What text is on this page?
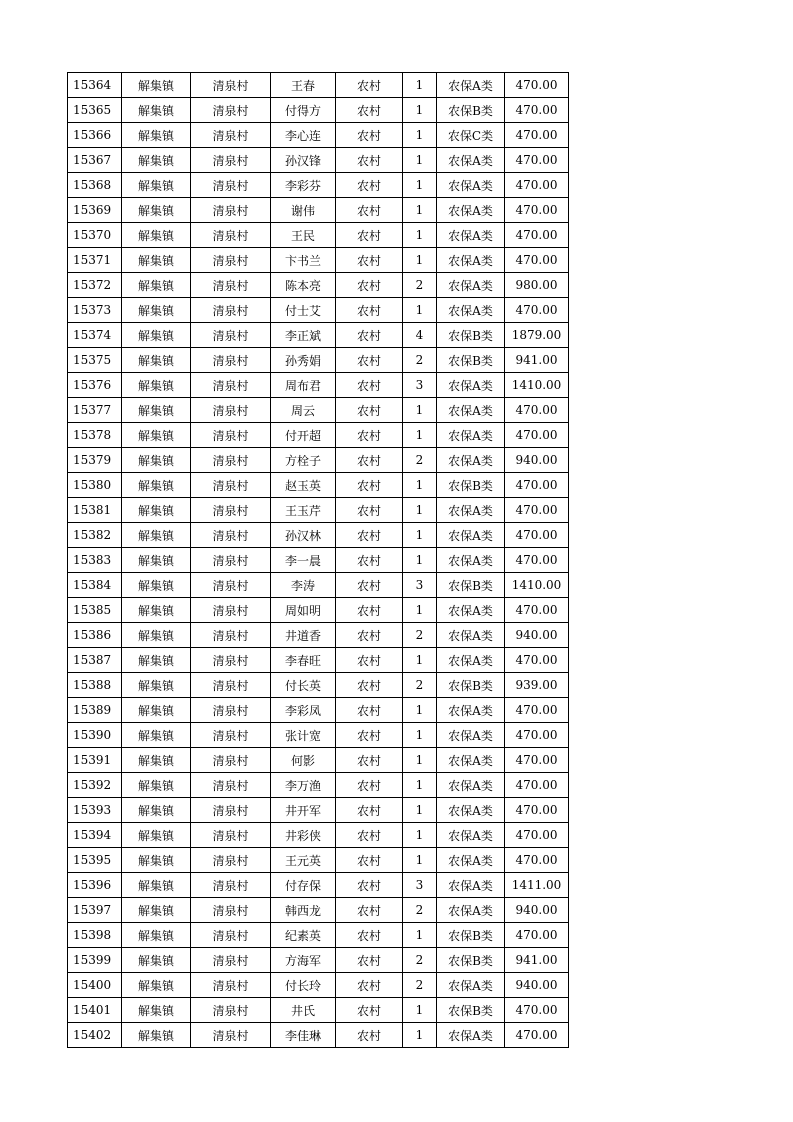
15364	解集镇	清泉村	王春	农村	1	农保A类	470.00
15365	解集镇	清泉村	付得方	农村	1	农保B类	470.00
15366	解集镇	清泉村	李心连	农村	1	农保C类	470.00
15367	解集镇	清泉村	孙汉锋	农村	1	农保A类	470.00
15368	解集镇	清泉村	李彩芬	农村	1	农保A类	470.00
15369	解集镇	清泉村	谢伟	农村	1	农保A类	470.00
15370	解集镇	清泉村	王民	农村	1	农保A类	470.00
15371	解集镇	清泉村	卞书兰	农村	1	农保A类	470.00
15372	解集镇	清泉村	陈本亮	农村	2	农保A类	980.00
15373	解集镇	清泉村	付士艾	农村	1	农保A类	470.00
15374	解集镇	清泉村	李正斌	农村	4	农保B类	1879.00
15375	解集镇	清泉村	孙秀娟	农村	2	农保B类	941.00
15376	解集镇	清泉村	周布君	农村	3	农保A类	1410.00
15377	解集镇	清泉村	周云	农村	1	农保A类	470.00
15378	解集镇	清泉村	付开超	农村	1	农保A类	470.00
15379	解集镇	清泉村	方栓子	农村	2	农保A类	940.00
15380	解集镇	清泉村	赵玉英	农村	1	农保B类	470.00
15381	解集镇	清泉村	王玉芹	农村	1	农保A类	470.00
15382	解集镇	清泉村	孙汉林	农村	1	农保A类	470.00
15383	解集镇	清泉村	李一晨	农村	1	农保A类	470.00
15384	解集镇	清泉村	李涛	农村	3	农保B类	1410.00
15385	解集镇	清泉村	周如明	农村	1	农保A类	470.00
15386	解集镇	清泉村	井道香	农村	2	农保A类	940.00
15387	解集镇	清泉村	李春旺	农村	1	农保A类	470.00
15388	解集镇	清泉村	付长英	农村	2	农保B类	939.00
15389	解集镇	清泉村	李彩凤	农村	1	农保A类	470.00
15390	解集镇	清泉村	张计宽	农村	1	农保A类	470.00
15391	解集镇	清泉村	何影	农村	1	农保A类	470.00
15392	解集镇	清泉村	李万渔	农村	1	农保A类	470.00
15393	解集镇	清泉村	井开军	农村	1	农保A类	470.00
15394	解集镇	清泉村	井彩侠	农村	1	农保A类	470.00
15395	解集镇	清泉村	王元英	农村	1	农保A类	470.00
15396	解集镇	清泉村	付存保	农村	3	农保A类	1411.00
15397	解集镇	清泉村	韩西龙	农村	2	农保A类	940.00
15398	解集镇	清泉村	纪素英	农村	1	农保B类	470.00
15399	解集镇	清泉村	方海军	农村	2	农保B类	941.00
15400	解集镇	清泉村	付长玲	农村	2	农保A类	940.00
15401	解集镇	清泉村	井氏	农村	1	农保B类	470.00
15402	解集镇	清泉村	李佳琳	农村	1	农保A类	470.00
